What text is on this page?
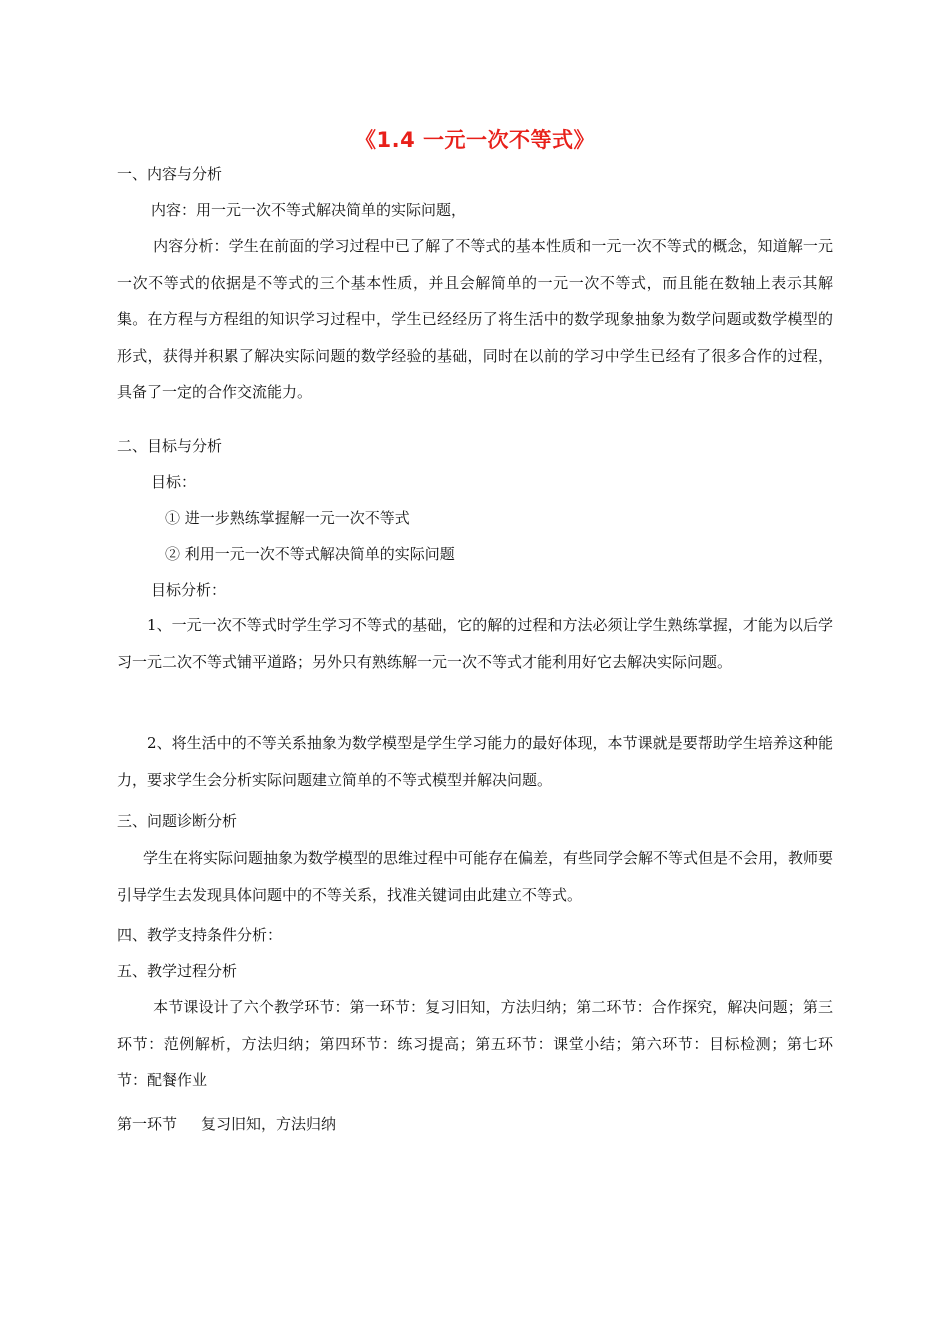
《1.4 一元一次不等式》
一、内容与分析
内容：用一元一次不等式解决简单的实际问题，
内容分析：学生在前面的学习过程中已了解了不等式的基本性质和一元一次不等式的概念，知道解一元一次不等式的依据是不等式的三个基本性质，并且会解简单的一元一次不等式，而且能在数轴上表示其解集。在方程与方程组的知识学习过程中，学生已经经历了将生活中的数学现象抽象为数学问题或数学模型的形式，获得并积累了解决实际问题的数学经验的基础，同时在以前的学习中学生已经有了很多合作的过程，具备了一定的合作交流能力。
二、目标与分析
目标：
① 进一步熟练掌握解一元一次不等式
② 利用一元一次不等式解决简单的实际问题
目标分析：
1、一元一次不等式时学生学习不等式的基础，它的解的过程和方法必须让学生熟练掌握，才能为以后学习一元二次不等式铺平道路；另外只有熟练解一元一次不等式才能利用好它去解决实际问题。
2、将生活中的不等关系抽象为数学模型是学生学习能力的最好体现，本节课就是要帮助学生培养这种能力，要求学生会分析实际问题建立简单的不等式模型并解决问题。
三、问题诊断分析
学生在将实际问题抽象为数学模型的思维过程中可能存在偏差，有些同学会解不等式但是不会用，教师要引导学生去发现具体问题中的不等关系，找准关键词由此建立不等式。
四、教学支持条件分析：
五、教学过程分析
本节课设计了六个教学环节：第一环节：复习旧知，方法归纳；第二环节：合作探究，解决问题；第三环节：范例解析，方法归纳；第四环节：练习提高；第五环节：课堂小结；第六环节：目标检测；第七环节：配餐作业
第一环节 复习旧知，方法归纳
